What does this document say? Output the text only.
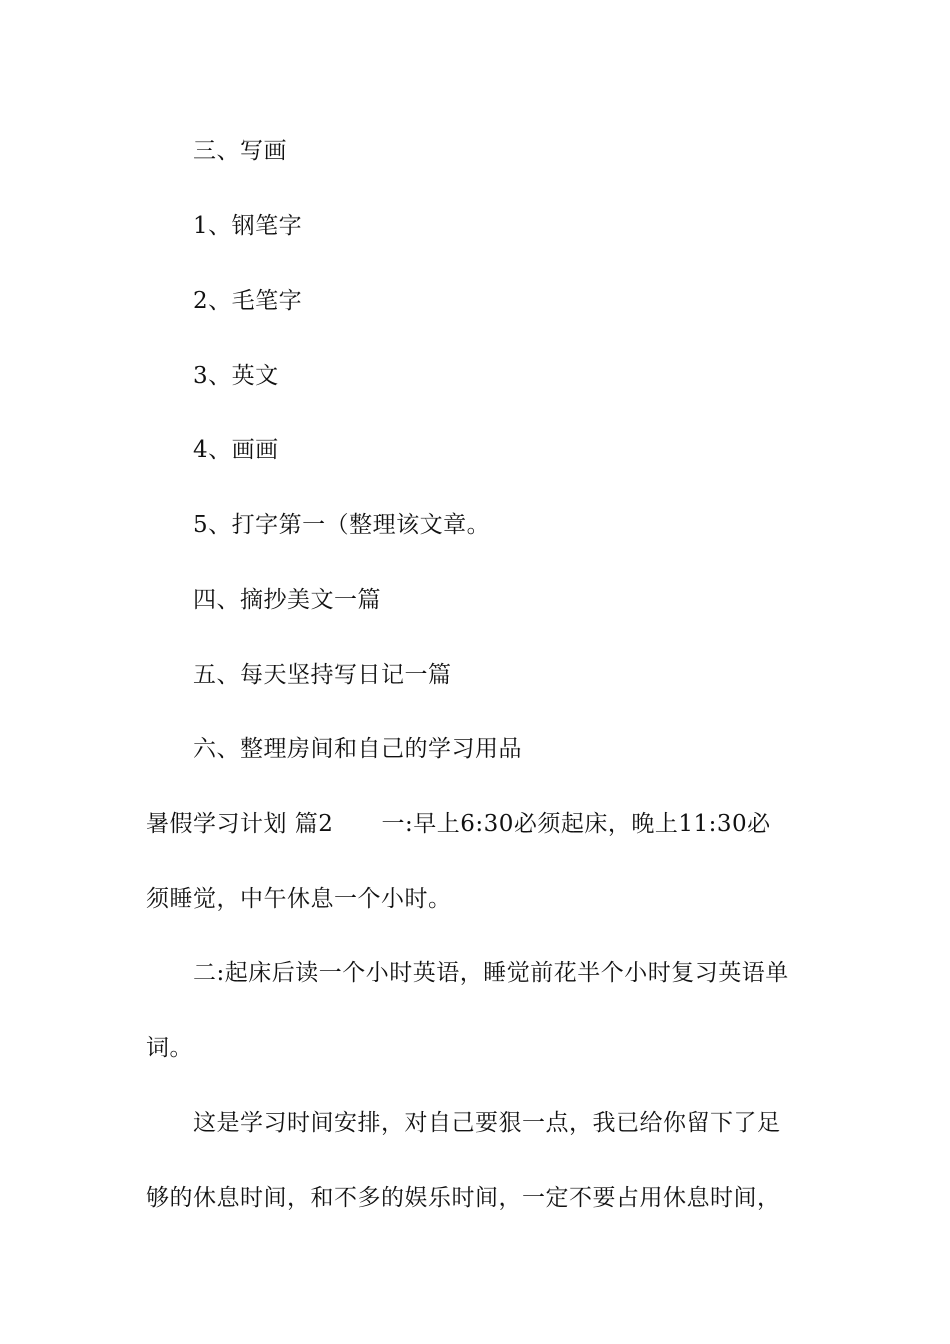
三、写画
1、钢笔字
2、毛笔字
3、英文
4、画画
5、打字第一（整理该文章。
四、摘抄美文一篇
五、每天坚持写日记一篇
六、整理房间和自己的学习用品
暑假学习计划 篇2 一:早上6:30必须起床，晚上11:30必
须睡觉，中午休息一个小时。
二:起床后读一个小时英语，睡觉前花半个小时复习英语单
词。
这是学习时间安排，对自己要狠一点，我已给你留下了足
够的休息时间，和不多的娱乐时间，一定不要占用休息时间，
